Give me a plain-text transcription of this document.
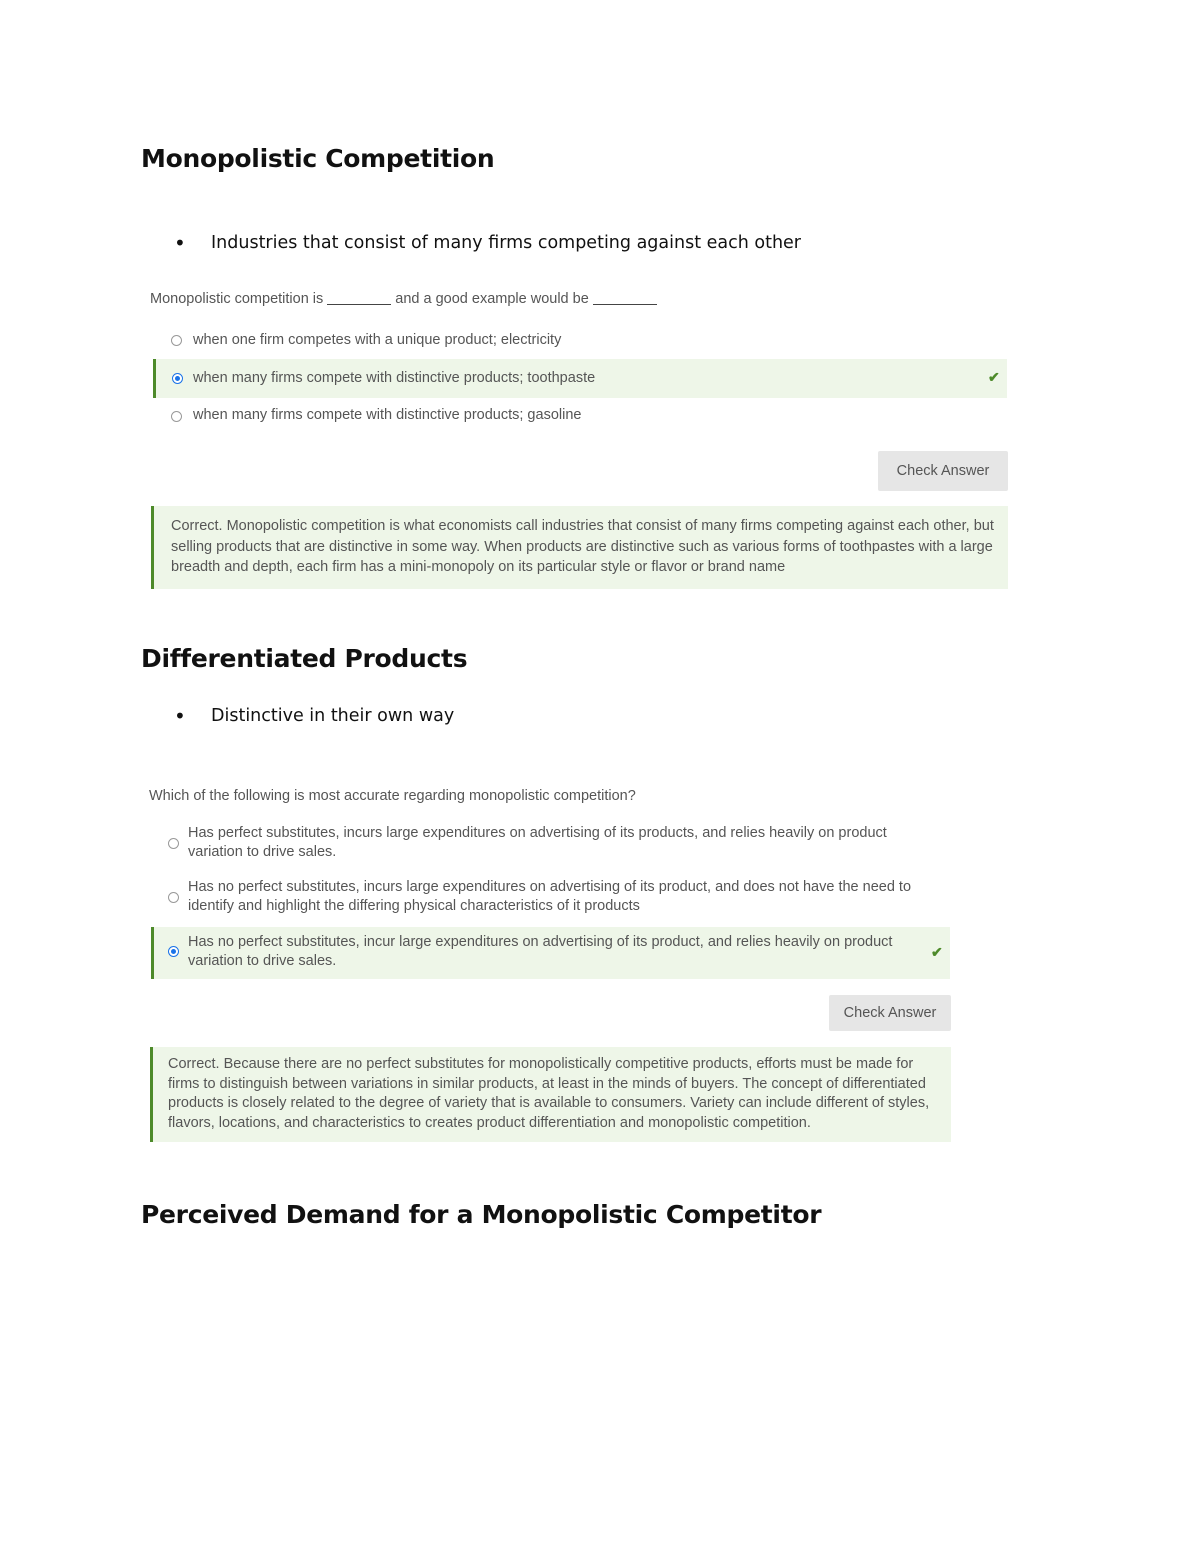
Monopolistic Competition
• Industries that consist of many firms competing against each other
Monopolistic competition is	and a good example would be
when one firm competes with a unique product; electricity
when many firms compete with distinctive products; toothpaste	✔
when many firms compete with distinctive products; gasoline
Check Answer
Correct. Monopolistic competition is what economists call industries that consist of many firms competing against each other, but selling products that are distinctive in some way. When products are distinctive such as various forms of toothpastes with a large breadth and depth, each firm has a mini-monopoly on its particular style or flavor or brand name
Differentiated Products
• Distinctive in their own way
Which of the following is most accurate regarding monopolistic competition?
Has perfect substitutes, incurs large expenditures on advertising of its products, and relies heavily on product variation to drive sales.
Has no perfect substitutes, incurs large expenditures on advertising of its product, and does not have the need to identify and highlight the differing physical characteristics of it products
Has no perfect substitutes, incur large expenditures on advertising of its product, and relies heavily on product variation to drive sales.
✔
Check Answer
Correct. Because there are no perfect substitutes for monopolistically competitive products, efforts must be made for firms to distinguish between variations in similar products, at least in the minds of buyers. The concept of differentiated products is closely related to the degree of variety that is available to consumers. Variety can include different of styles, flavors, locations, and characteristics to creates product differentiation and monopolistic competition.
Perceived Demand for a Monopolistic Competitor
